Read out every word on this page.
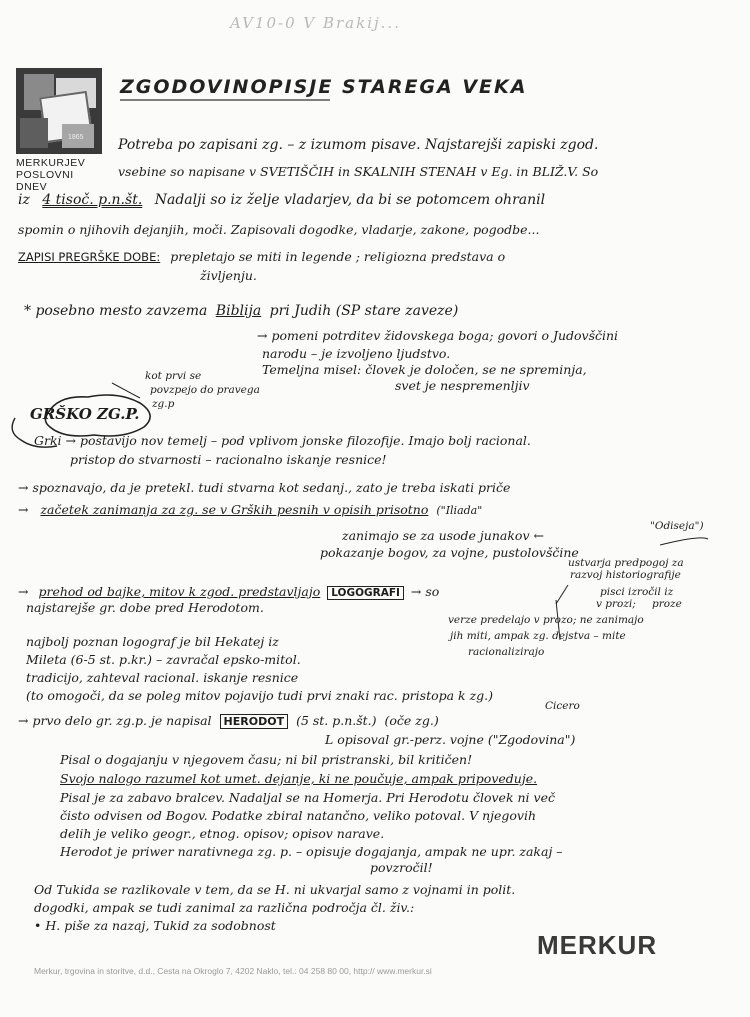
AV10-0 V Brakij...
1865
MERKURJEV
POSLOVNI DNEV
ZGODOVINOPISJE STAREGA VEKA
Potreba po zapisani zg. – z izumom pisave. Najstarejši zapiski zgod.
vsebine so napisane v SVETIŠČIH in SKALNIH STENAH v Eg. in BLIŽ.V. So
iz 4 tisoč. p.n.št. Nadalji so iz želje vladarjev, da bi se potomcem ohranil
spomin o njihovih dejanjih, moči. Zapisovali dogodke, vladarje, zakone, pogodbe...
ZAPISI PREGRŠKE DOBE: prepletajo se miti in legende ; religiozna predstava o
življenju.
* posebno mesto zavzema Biblija pri Judih (SP stare zaveze)
→ pomeni potrditev židovskega boga; govori o Judovščini
narodu – je izvoljeno ljudstvo.
Temeljna misel: človek je določen, se ne spreminja,
svet je nespremenljiv
kot prvi se
povzpejo do pravega
zg.p
GRŠKO ZG.P.
Grki → postavijo nov temelj – pod vplivom jonske filozofije. Imajo bolj racional.
pristop do stvarnosti – racionalno iskanje resnice!
→ spoznavajo, da je pretekl. tudi stvarna kot sedanj., zato je treba iskati priče
→ začetek zanimanja za zg. se v Grških pesnih v opisih prisotno ("Iliada"
"Odiseja")
zanimajo se za usode junakov ←
pokazanje bogov, za vojne, pustolovščine
ustvarja predpogoj za
razvoj historiografije
→ prehod od bajke, mitov k zgod. predstavljajo LOGOGRAFI → so	pisci izročil iz
najstarejše gr. dobe pred Herodotom.	v prozi; proze
verze predelajo v prozo; ne zanimajo
jih miti, ampak zg. dejstva – mite
racionalizirajo
najbolj poznan logograf je bil Hekatej iz
Mileta (6-5 st. p.kr.) – zavračal epsko-mitol.
tradicijo, zahteval racional. iskanje resnice
(to omogoči, da se poleg mitov pojavijo tudi prvi znaki rac. pristopa k zg.)
Cicero
→ prvo delo gr. zg.p. je napisal HERODOT (5 st. p.n.št.) (oče zg.)
L opisoval gr.-perz. vojne ("Zgodovina")
Pisal o dogajanju v njegovem času; ni bil pristranski, bil kritičen!
Svojo nalogo razumel kot umet. dejanje, ki ne poučuje, ampak pripoveduje.
Pisal je za zabavo bralcev. Nadaljal se na Homerja. Pri Herodotu človek ni več
čisto odvisen od Bogov. Podatke zbiral natančno, veliko potoval. V njegovih
delih je veliko geogr., etnog. opisov; opisov narave.
Herodot je priwer narativnega zg. p. – opisuje dogajanja, ampak ne upr. zakaj –
povzročil!
Od Tukida se razlikovale v tem, da se H. ni ukvarjal samo z vojnami in polit.
dogodki, ampak se tudi zanimal za različna področja čl. živ.:
• H. piše za nazaj, Tukid za sodobnost
MERKUR
Merkur, trgovina in storitve, d.d., Cesta na Okroglo 7, 4202 Naklo, tel.: 04 258 80 00, http:// www.merkur.si
